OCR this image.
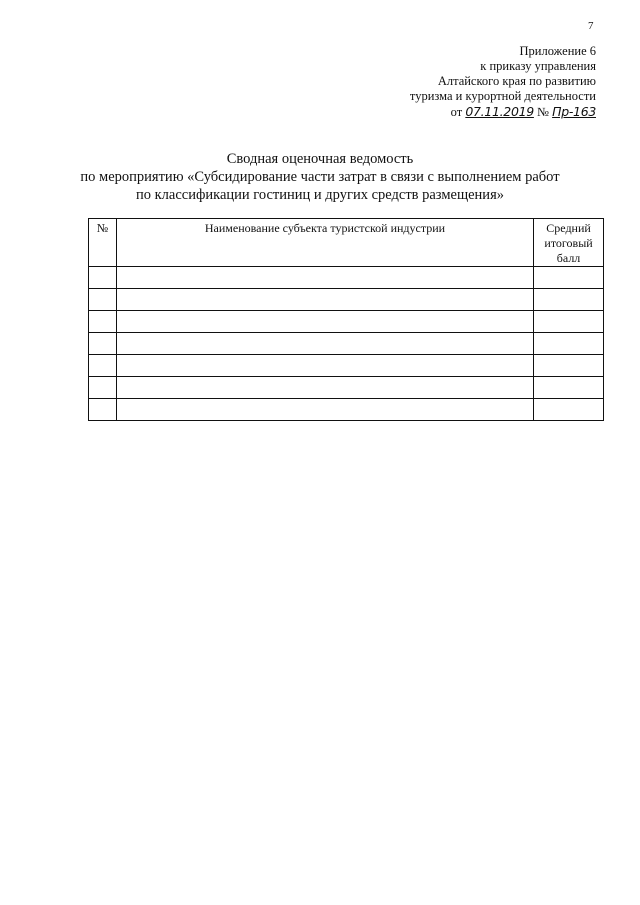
7
Приложение 6
к приказу управления
Алтайского края по развитию
туризма и курортной деятельности
от 07.11.2019 № Пр-163
Сводная оценочная ведомость
по мероприятию «Субсидирование части затрат в связи с выполнением работ
по классификации гостиниц и других средств размещения»
№	Наименование субъекта туристской индустрии	Средний
итоговый
балл
